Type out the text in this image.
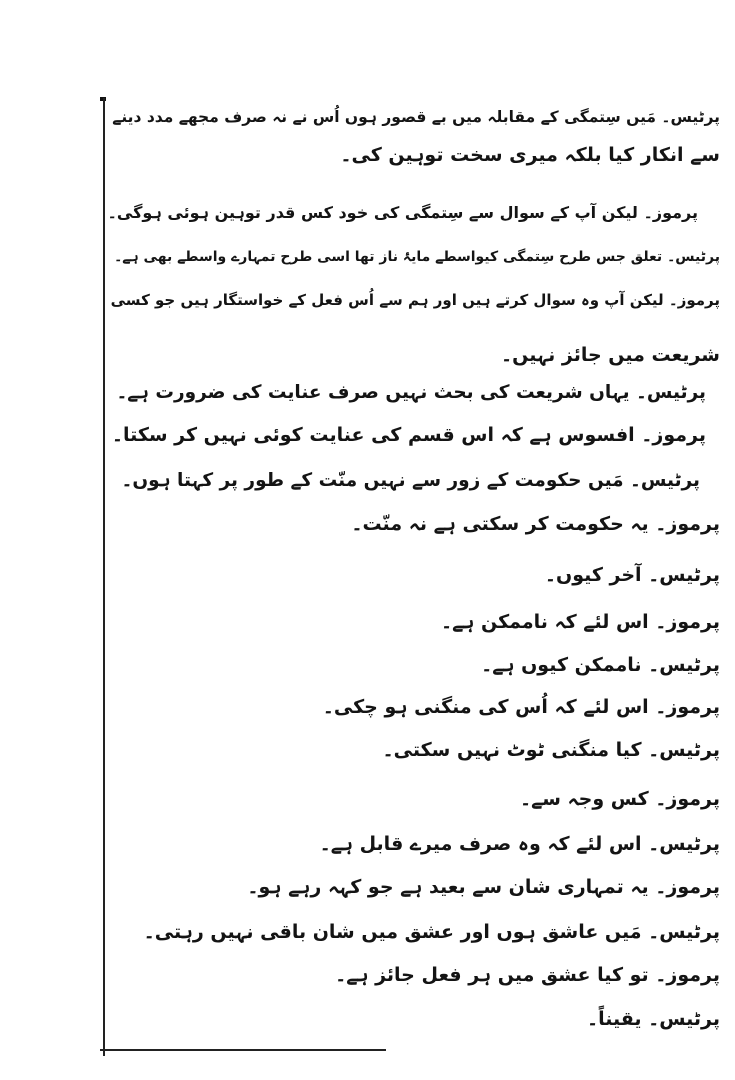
پرٹیس۔ مَیں سِتمگی کے مقابلہ میں بے قصور ہوں اُس نے نہ صرف مجھے مدد دینے
سے انکار کیا بلکہ میری سخت توہین کی۔
پرموز۔ لیکن آپ کے سوال سے سِتمگی کی خود کس قدر توہین ہوئی ہوگی۔
پرٹیس۔ تعلق جس طرح سِتمگی کیواسطے مایۂ ناز تھا اسی طرح تمہارے واسطے بھی ہے۔
پرموز۔ لیکن آپ وہ سوال کرتے ہیں اور ہم سے اُس فعل کے خواستگار ہیں جو کسی
شریعت میں جائز نہیں۔
پرٹیس۔ یہاں شریعت کی بحث نہیں صرف عنایت کی ضرورت ہے۔
پرموز۔ افسوس ہے کہ اس قسم کی عنایت کوئی نہیں کر سکتا۔
پرٹیس۔ مَیں حکومت کے زور سے نہیں منّت کے طور پر کہتا ہوں۔
پرموز۔ یہ حکومت کر سکتی ہے نہ منّت۔
پرٹیس۔ آخر کیوں۔
پرموز۔ اس لئے کہ ناممکن ہے۔
پرٹیس۔ ناممکن کیوں ہے۔
پرموز۔ اس لئے کہ اُس کی منگنی ہو چکی۔
پرٹیس۔ کیا منگنی ٹوٹ نہیں سکتی۔
پرموز۔ کس وجہ سے۔
پرٹیس۔ اس لئے کہ وہ صرف میرے قابل ہے۔
پرموز۔ یہ تمہاری شان سے بعید ہے جو کہہ رہے ہو۔
پرٹیس۔ مَیں عاشق ہوں اور عشق میں شان باقی نہیں رہتی۔
پرموز۔ تو کیا عشق میں ہر فعل جائز ہے۔
پرٹیس۔ یقیناً۔
